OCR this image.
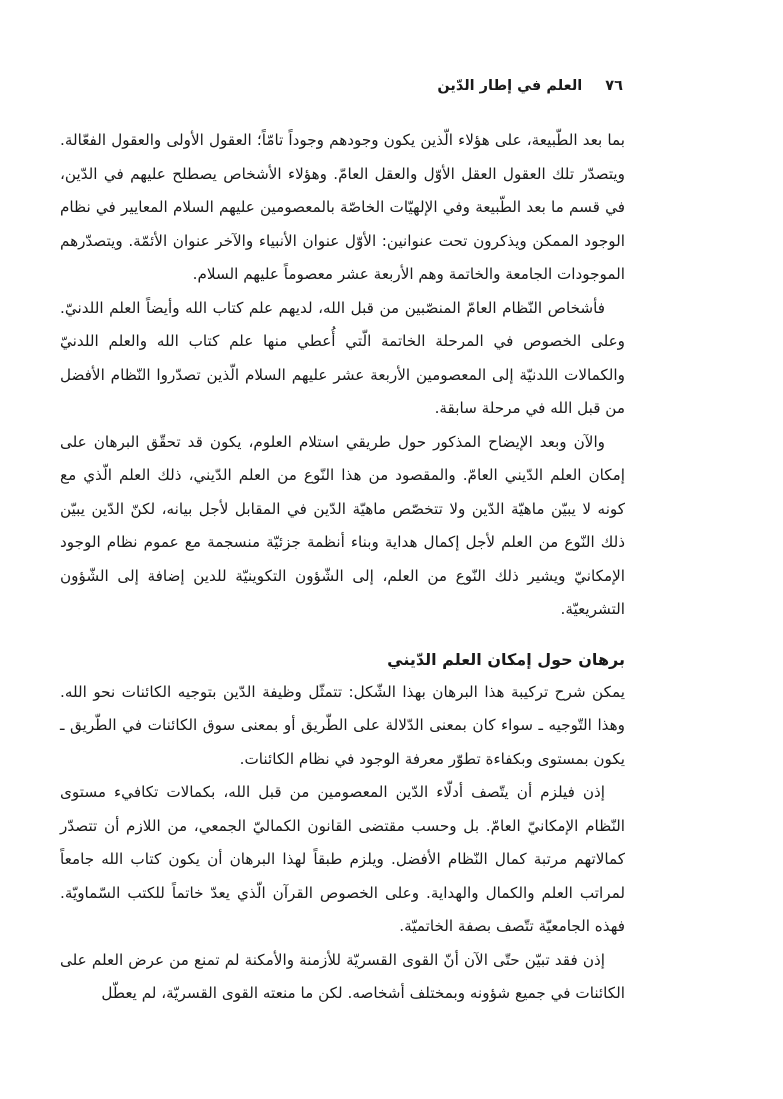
٧٦ العلم في إطار الدّين

بما بعد الطّبيعة، على هؤلاء الّذين يكون وجودهم وجوداً تامّاً؛ العقول الأولى والعقول الفعّالة. ويتصدّر تلك العقول العقل الأوّل والعقل العامّ. وهؤلاء الأشخاص يصطلح عليهم في الدّين، في قسم ما بعد الطّبيعة وفي الإلهيّات الخاصّة بالمعصومين عليهم السلام المعايير في نظام الوجود الممكن ويذكرون تحت عنوانين: الأوّل عنوان الأنبياء والآخر عنوان الأئمّة. ويتصدّرهم الموجودات الجامعة والخاتمة وهم الأربعة عشر معصوماً عليهم السلام.

فأشخاص النّظام العامّ المنصّبين من قبل الله، لديهم علم كتاب الله وأيضاً العلم اللدنيّ. وعلى الخصوص في المرحلة الخاتمة الّتي أُعطي منها علم كتاب الله والعلم اللدنيّ والكمالات اللدنيّة إلى المعصومين الأربعة عشر عليهم السلام الّذين تصدّروا النّظام الأفضل من قبل الله في مرحلة سابقة.

والآن وبعد الإيضاح المذكور حول طريقي استلام العلوم، يكون قد تحقّق البرهان على إمكان العلم الدّيني العامّ. والمقصود من هذا النّوع من العلم الدّيني، ذلك العلم الّذي مع كونه لا يبيّن ماهيّة الدّين ولا تتخصّص ماهيّة الدّين في المقابل لأجل بيانه، لكنّ الدّين يبيّن ذلك النّوع من العلم لأجل إكمال هداية وبناء أنظمة جزئيّة منسجمة مع عموم نظام الوجود الإمكانيّ ويشير ذلك النّوع من العلم، إلى الشّؤون التكوينيّة للدين إضافة إلى الشّؤون التشريعيّة.

برهان حول إمكان العلم الدّيني

يمكن شرح تركيبة هذا البرهان بهذا الشّكل: تتمثّل وظيفة الدّين بتوجيه الكائنات نحو الله. وهذا التّوجيه ـ سواء كان بمعنى الدّلالة على الطّريق أو بمعنى سوق الكائنات في الطّريق ـ يكون بمستوى وبكفاءة تطوّر معرفة الوجود في نظام الكائنات.

إذن فيلزم أن يتّصف أدلّاء الدّين المعصومين من قبل الله، بكمالات تكافيء مستوى النّظام الإمكانيّ العامّ. بل وحسب مقتضى القانون الكماليّ الجمعي، من اللازم أن تتصدّر كمالاتهم مرتبة كمال النّظام الأفضل. ويلزم طبقاً لهذا البرهان أن يكون كتاب الله جامعاً لمراتب العلم والكمال والهداية. وعلى الخصوص القرآن الّذي يعدّ خاتماً للكتب السّماويّة. فهذه الجامعيّة تتّصف بصفة الخاتميّة.

إذن فقد تبيّن حتّى الآن أنّ القوى القسريّة للأزمنة والأمكنة لم تمنع من عرض العلم على الكائنات في جميع شؤونه وبمختلف أشخاصه. لكن ما منعته القوى القسريّة، لم يعطّل
